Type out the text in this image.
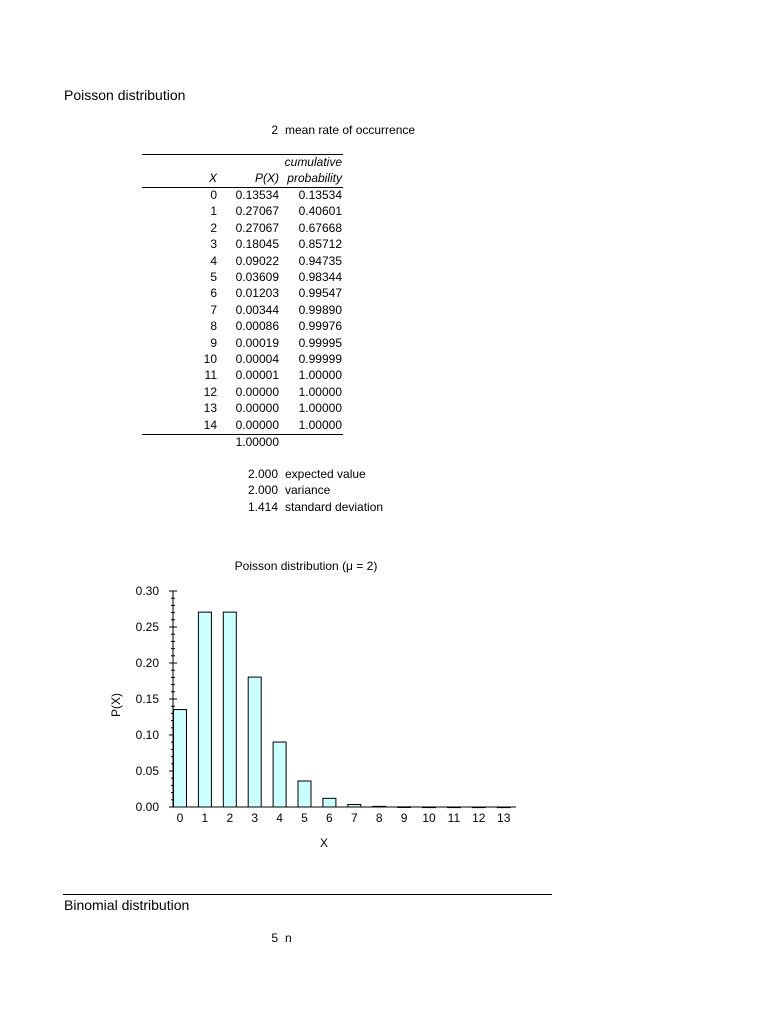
Poisson distribution
2 mean rate of occurrence
cumulative
X	P(X) probability
0 0.13534 0.13534
1 0.27067 0.40601
2 0.27067 0.67668
3 0.18045 0.85712
4 0.09022 0.94735
5 0.03609 0.98344
6 0.01203 0.99547
7 0.00344 0.99890
8 0.00086 0.99976
9 0.00019 0.99995
10 0.00004 0.99999
11 0.00001 1.00000
12 0.00000 1.00000
13 0.00000 1.00000
14 0.00000 1.00000
1.00000
2.000 expected value
2.000 variance
1.414 standard deviation
Poisson distribution (μ = 2)
P(X)
X
0.00
0.05
0.10
0.15
0.20
0.25
0.30
0 1 2 3 4 5 6 7 8 9 10 11 12 13
Binomial distribution
5 n
